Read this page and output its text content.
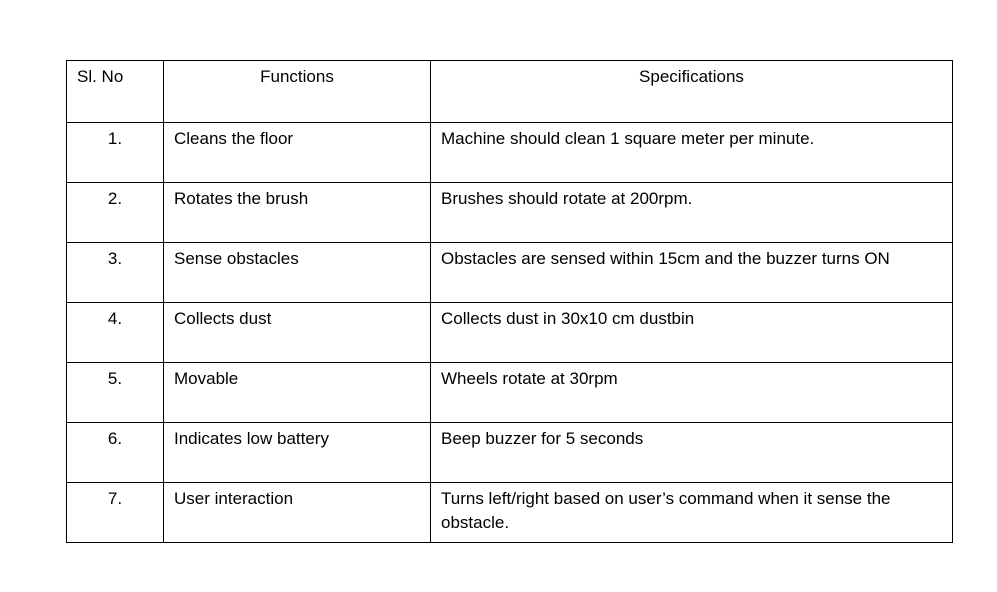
Sl. No	Functions	Specifications
1.	Cleans the floor	Machine should clean 1 square meter per minute.
2.	Rotates the brush	Brushes should rotate at 200rpm.
3.	Sense obstacles	Obstacles are sensed within 15cm and the buzzer turns ON
4.	Collects dust	Collects dust in 30x10 cm dustbin
5.	Movable	Wheels rotate at 30rpm
6.	Indicates low battery	Beep buzzer for 5 seconds
7.	User interaction	Turns left/right based on user’s command when it sense the obstacle.
